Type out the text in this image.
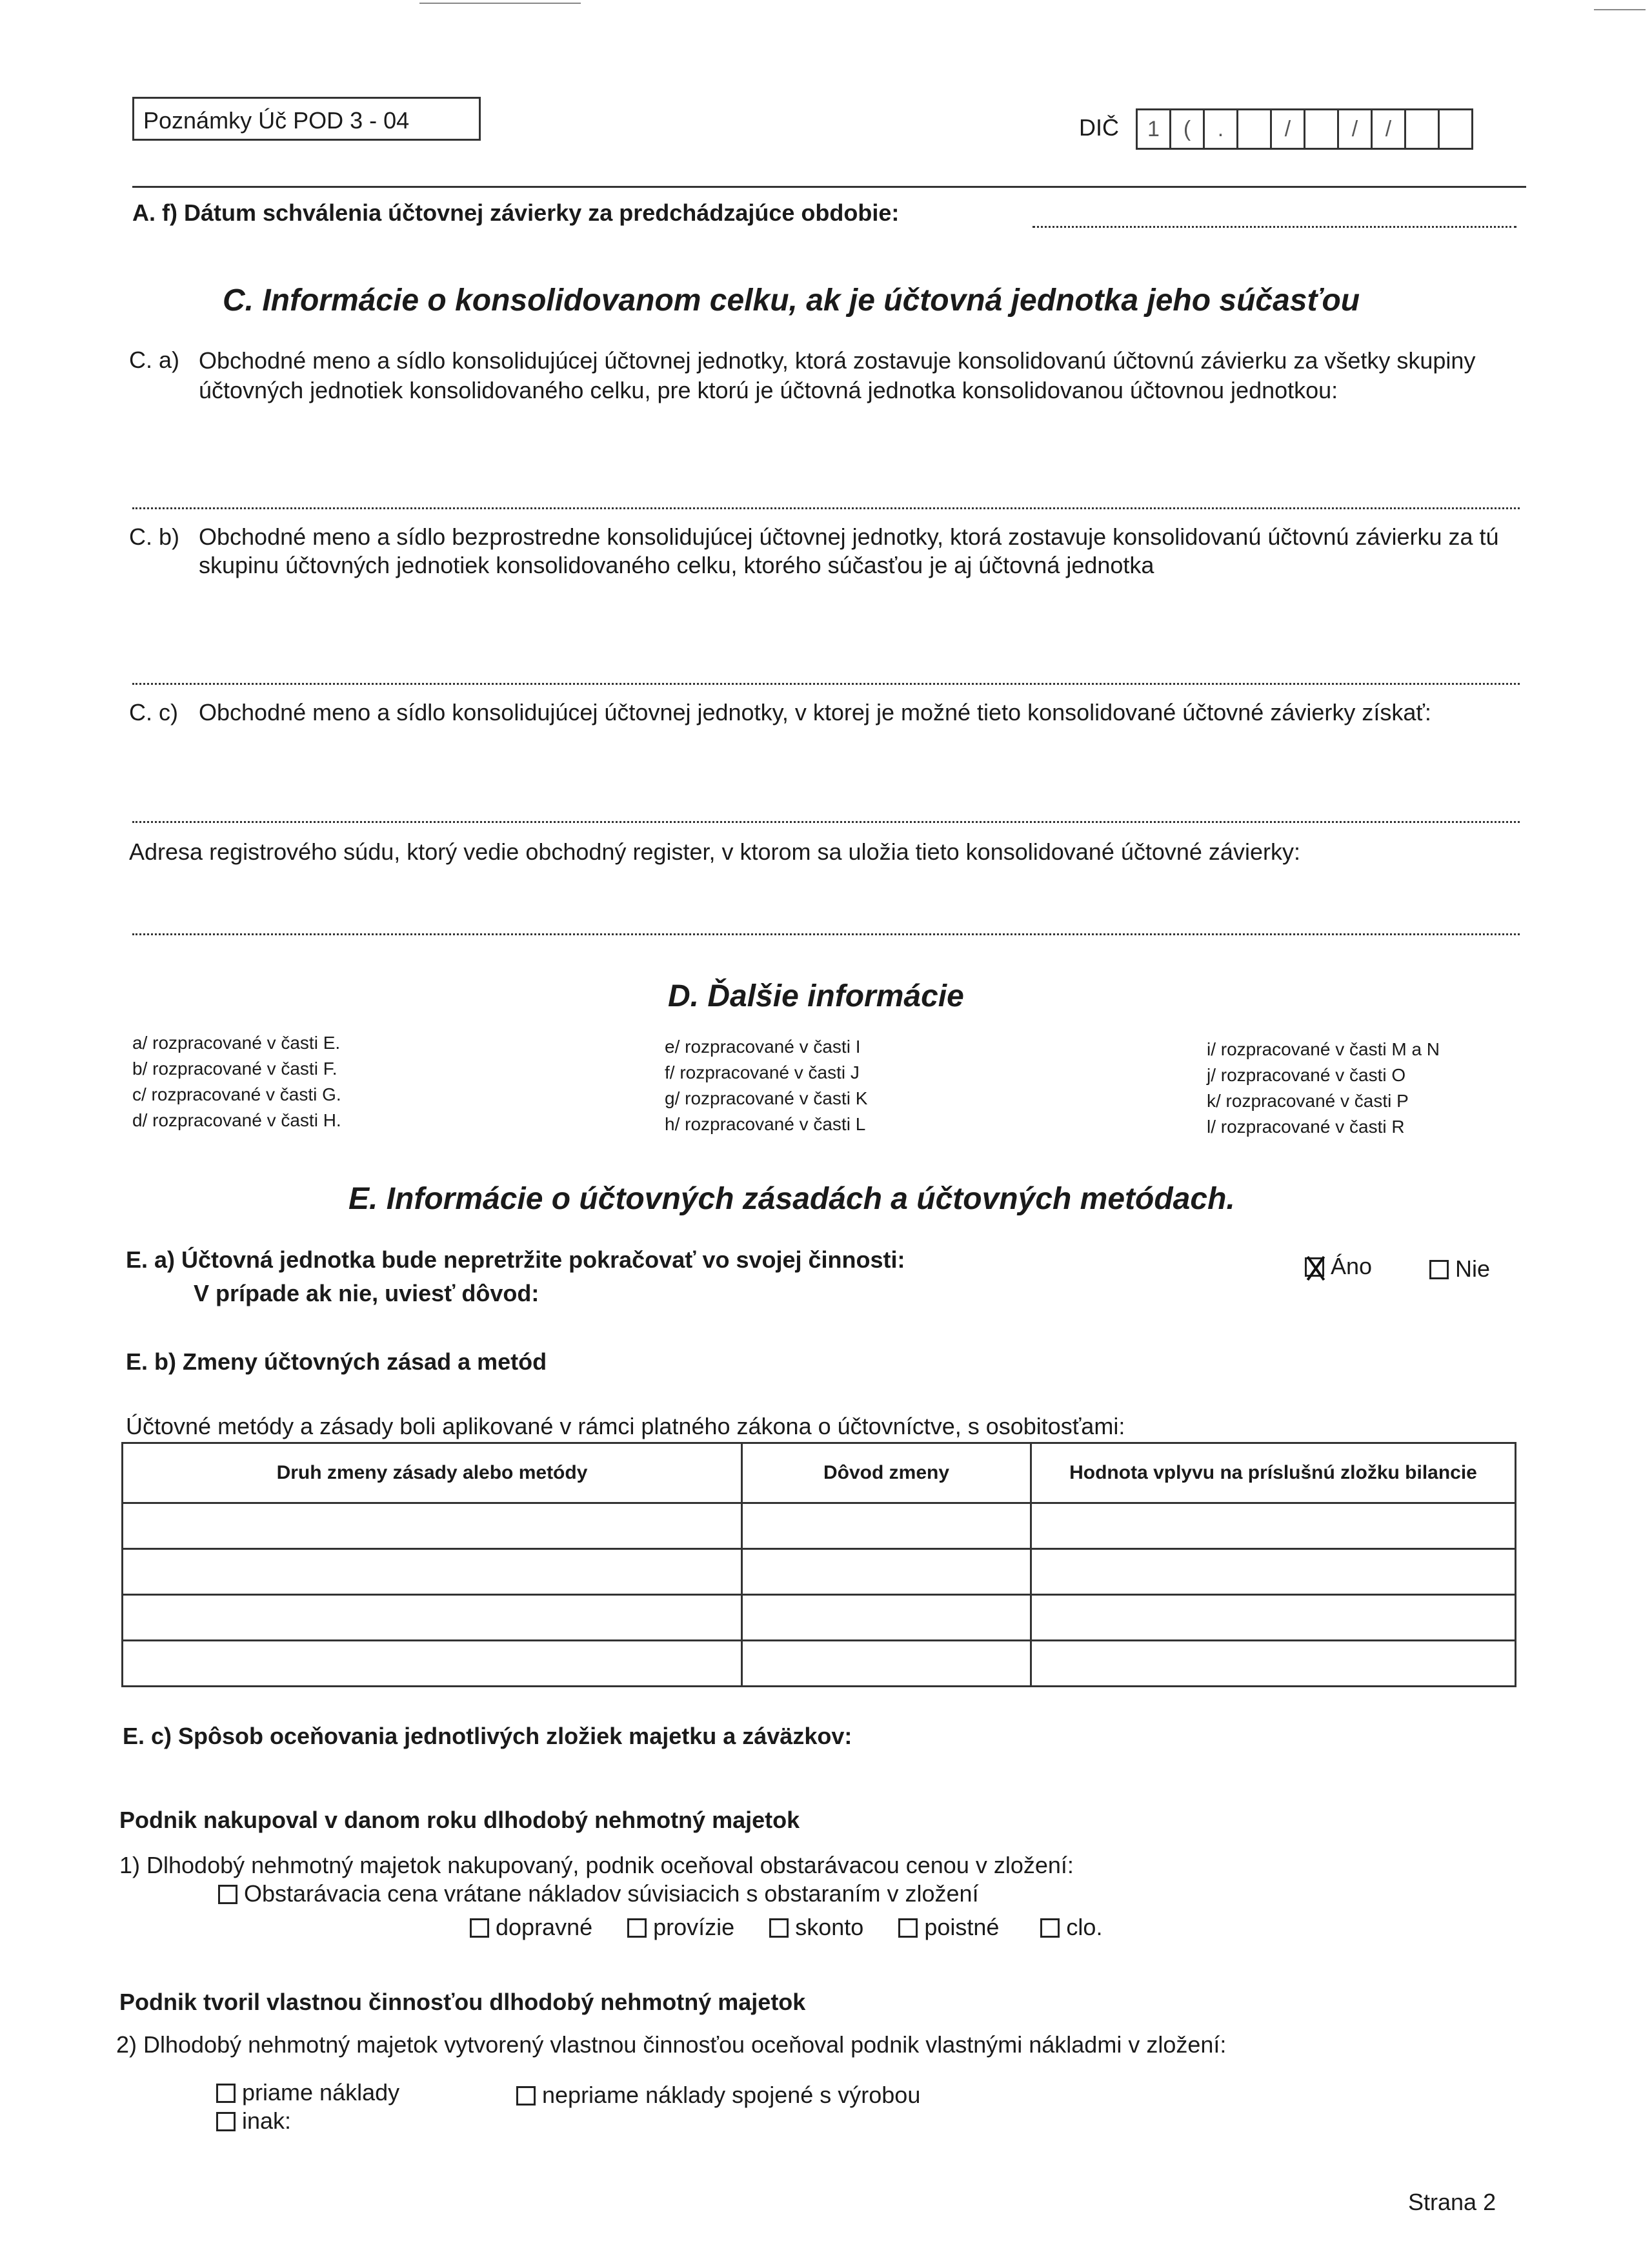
Poznámky Úč POD 3 - 04	DIČ	1	(	.	/	/	/
A. f) Dátum schválenia účtovnej závierky za predchádzajúce obdobie:
C. Informácie o konsolidovanom celku, ak je účtovná jednotka jeho súčasťou
C. a) Obchodné meno a sídlo konsolidujúcej účtovnej jednotky, ktorá zostavuje konsolidovanú účtovnú závierku za všetky skupiny účtovných jednotiek konsolidovaného celku, pre ktorú je účtovná jednotka konsolidovanou účtovnou jednotkou:
C. b) Obchodné meno a sídlo bezprostredne konsolidujúcej účtovnej jednotky, ktorá zostavuje konsolidovanú účtovnú závierku za tú skupinu účtovných jednotiek konsolidovaného celku, ktorého súčasťou je aj účtovná jednotka
C. c) Obchodné meno a sídlo konsolidujúcej účtovnej jednotky, v ktorej je možné tieto konsolidované účtovné závierky získať:
Adresa registrového súdu, ktorý vedie obchodný register, v ktorom sa uložia tieto konsolidované účtovné závierky:
D. Ďalšie informácie
a/ rozpracované v časti E.
b/ rozpracované v časti F.
c/ rozpracované v časti G.
d/ rozpracované v časti H.
e/ rozpracované v časti I
f/ rozpracované v časti J
g/ rozpracované v časti K
h/ rozpracované v časti L
i/ rozpracované v časti M a N
j/ rozpracované v časti O
k/ rozpracované v časti P
l/ rozpracované v časti R
E. Informácie o účtovných zásadách a účtovných metódach.
E. a) Účtovná jednotka bude nepretržite pokračovať vo svojej činnosti:
V prípade ak nie, uviesť dôvod:
Áno	Nie
E. b) Zmeny účtovných zásad a metód
Účtovné metódy a zásady boli aplikované v rámci platného zákona o účtovníctve, s osobitosťami:
Druh zmeny zásady alebo metódy	Dôvod zmeny	Hodnota vplyvu na príslušnú zložku bilancie

E. c) Spôsob oceňovania jednotlivých zložiek majetku a záväzkov:
Podnik nakupoval v danom roku dlhodobý nehmotný majetok
1) Dlhodobý nehmotný majetok nakupovaný, podnik oceňoval obstarávacou cenou v zložení:
Obstarávacia cena vrátane nákladov súvisiacich s obstaraním v zložení
dopravné	provízie	skonto	poistné	clo.
Podnik tvoril vlastnou činnosťou dlhodobý nehmotný majetok
2) Dlhodobý nehmotný majetok vytvorený vlastnou činnosťou oceňoval podnik vlastnými nákladmi v zložení:
priame náklady	nepriame náklady spojené s výrobou
inak:
Strana 2
